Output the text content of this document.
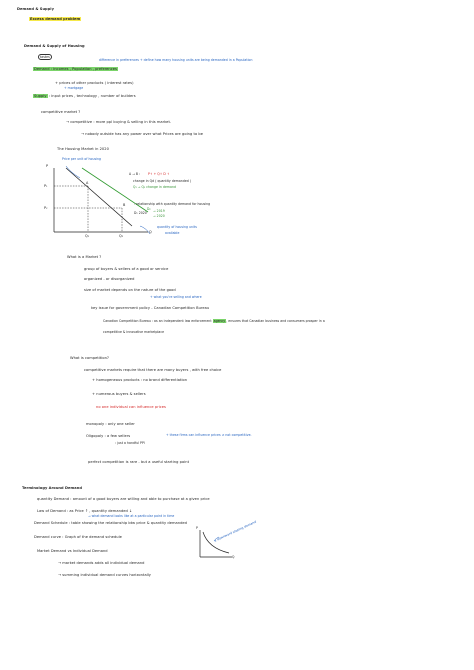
Demand & Supply
Excess demand problem
Demand & Supply of Housing
tastes
difference in preferences + define how many housing units are being demanded in a Population
Demand : incomes , Population , preferences
+ prices of other products ( interest rates)
+ mortgage
Supply : input prices , technology , number of builders
competitive market ?
→ competitive : more ppl buying & selling in this market.
→ nobody outside has any power over what Prices are going to be
The Housing Market in 2020
Price per unit of housing
P
P₁
P₂
Q
Q₁	Q₂
A
B
D₁ 2020
D₂
A → B :	P↑ + Q↑ D ↑
change in Qd ( quantity demanded )
Q₁ → Q₂ change in demand
: relationship with quantity demand for housing
→ 2019
→ 2020
quantity of housing units
available
What is a Market ?
group of buyers & sellers of a good or service
organized - or disorganized
size of market depends on the nature of the good
+ what you're selling and where
key issue for government policy - Canadian Competition Bureau
Canadian Competition Bureau : as an independent law enforcement agency, ensures that Canadian business and consumers prosper in a
competitive & innovative marketplace
What is competition?
competitive markets require that there are many buyers , with free choice
+ homogeneous products : no brand differentiation
+ numerous buyers & sellers
no one individual can influence prices
monopoly : only one seller
Oligopoly : a few sellers	+ these firms can influence prices ≠ not competitive.
: just a handful PPl
perfect competition is rare - but a useful starting point
Terminology Around Demand
quantity Demand : amount of a good buyers are willing and able to purchase at a given price
Law of Demand : as Price ↑ , quantity demanded ↓
→ what demand looks like at a particular point in time
Demand Schedule : table showing the relationship btw price & quantity demanded
Demand curve : Graph of the demand schedule
Market Demand vs Individual Demand
→ market demands adds all individual demand
→ summing individual demand curves horizontally
P
Q
a downward sloping demand
